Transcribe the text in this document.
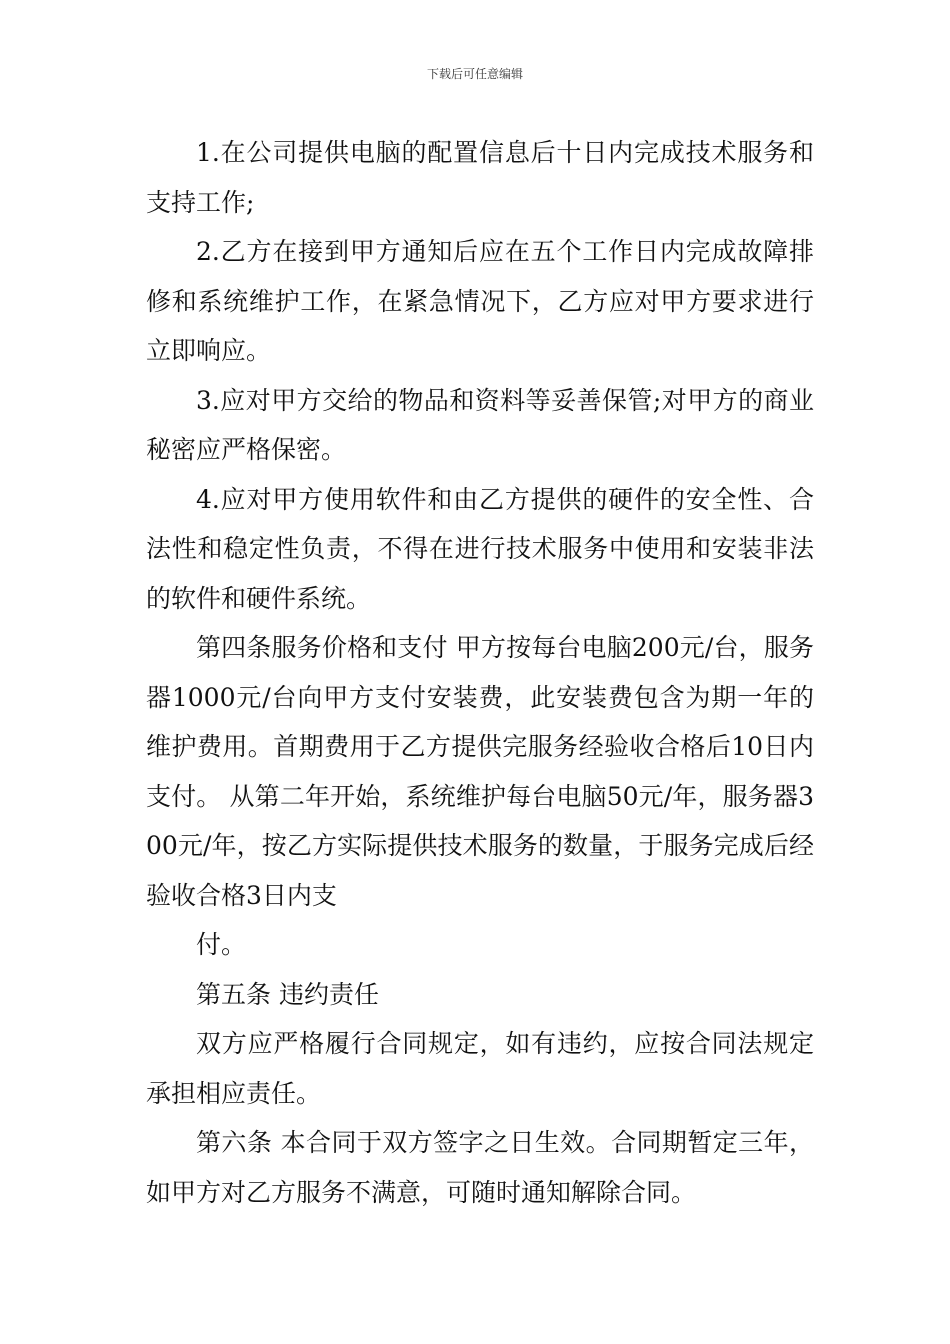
下载后可任意编辑

1.在公司提供电脑的配置信息后十日内完成技术服务和支持工作;

2.乙方在接到甲方通知后应在五个工作日内完成故障排修和系统维护工作，在紧急情况下，乙方应对甲方要求进行立即响应。

3.应对甲方交给的物品和资料等妥善保管;对甲方的商业秘密应严格保密。

4.应对甲方使用软件和由乙方提供的硬件的安全性、合法性和稳定性负责，不得在进行技术服务中使用和安装非法的软件和硬件系统。

第四条服务价格和支付 甲方按每台电脑200元/台，服务器1000元/台向甲方支付安装费，此安装费包含为期一年的维护费用。首期费用于乙方提供完服务经验收合格后10日内支付。 从第二年开始，系统维护每台电脑50元/年，服务器300元/年，按乙方实际提供技术服务的数量，于服务完成后经验收合格3日内支

付。

第五条 违约责任

双方应严格履行合同规定，如有违约，应按合同法规定承担相应责任。

第六条 本合同于双方签字之日生效。合同期暂定三年，如甲方对乙方服务不满意，可随时通知解除合同。
